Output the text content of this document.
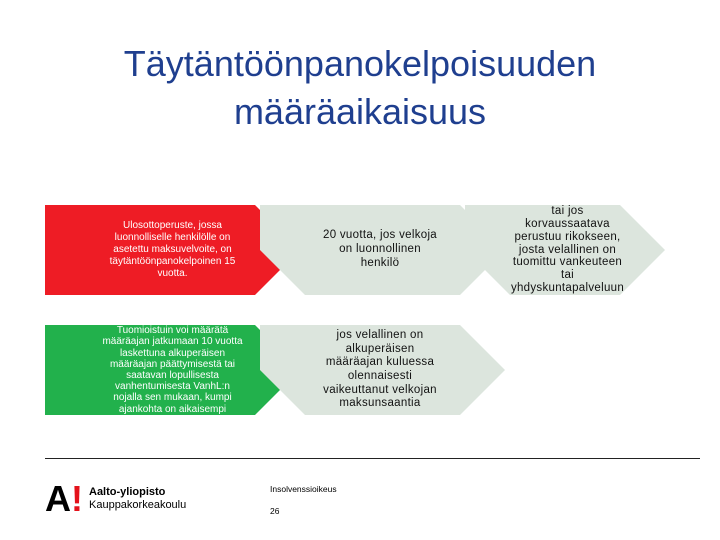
Täytäntöönpanokelpoisuuden
määräaikaisuus
Ulosottoperuste, jossa
luonnolliselle henkilölle on
asetettu maksuvelvoite, on
täytäntöönpanokelpoinen 15
vuotta.
20 vuotta, jos velkoja
on luonnollinen
henkilö
tai jos
korvaussaatava
perustuu rikokseen,
josta velallinen on
tuomittu vankeuteen
tai
yhdyskuntapalveluun
Tuomioistuin voi määrätä
määräajan jatkumaan 10 vuotta
laskettuna alkuperäisen
määräajan päättymisestä tai
saatavan lopullisesta
vanhentumisesta VanhL:n
nojalla sen mukaan, kumpi
ajankohta on aikaisempi
jos velallinen on
alkuperäisen
määräajan kuluessa
olennaisesti
vaikeuttanut velkojan
maksunsaantia
A! Aalto-yliopisto
Kauppakorkeakoulu
Insolvenssioikeus
26
